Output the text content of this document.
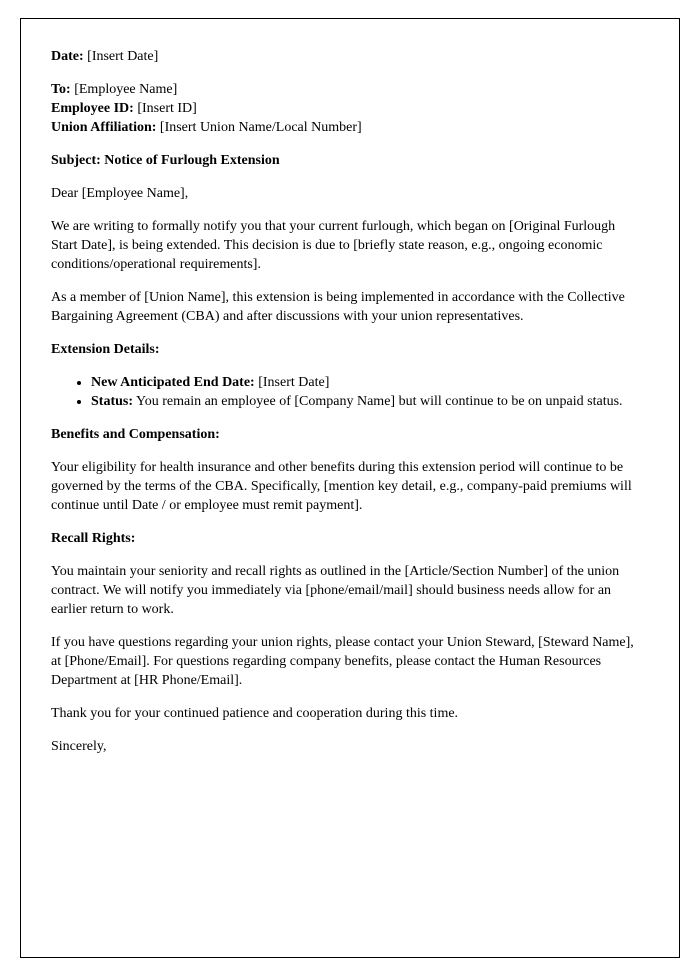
Date: [Insert Date]

To: [Employee Name]

Employee ID: [Insert ID]

Union Affiliation: [Insert Union Name/Local Number]

Subject: Notice of Furlough Extension

Dear [Employee Name],

We are writing to formally notify you that your current furlough, which began on [Original Furlough Start Date], is being extended. This decision is due to [briefly state reason, e.g., ongoing economic conditions/operational requirements].

As a member of [Union Name], this extension is being implemented in accordance with the Collective Bargaining Agreement (CBA) and after discussions with your union representatives.

Extension Details:

• New Anticipated End Date: [Insert Date]
• Status: You remain an employee of [Company Name] but will continue to be on unpaid status.

Benefits and Compensation:

Your eligibility for health insurance and other benefits during this extension period will continue to be governed by the terms of the CBA. Specifically, [mention key detail, e.g., company-paid premiums will continue until Date / or employee must remit payment].

Recall Rights:

You maintain your seniority and recall rights as outlined in the [Article/Section Number] of the union contract. We will notify you immediately via [phone/email/mail] should business needs allow for an earlier return to work.

If you have questions regarding your union rights, please contact your Union Steward, [Steward Name], at [Phone/Email]. For questions regarding company benefits, please contact the Human Resources Department at [HR Phone/Email].

Thank you for your continued patience and cooperation during this time.

Sincerely,
